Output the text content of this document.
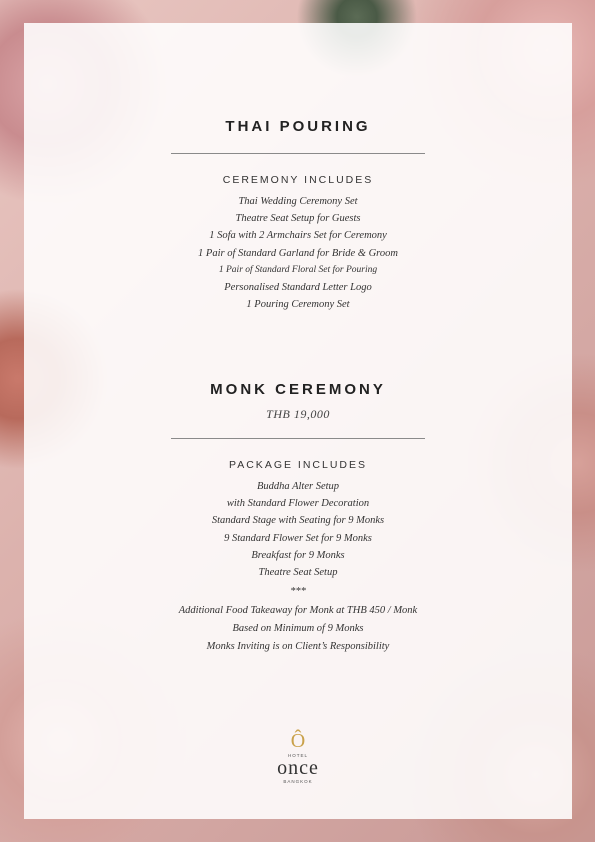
THAI POURING
CEREMONY INCLUDES
Thai Wedding Ceremony Set
Theatre Seat Setup for Guests
1 Sofa with 2 Armchairs Set for Ceremony
1 Pair of Standard Garland for Bride & Groom
1 Pair of Standard Floral Set for Pouring
Personalised Standard Letter Logo
1 Pouring Ceremony Set
MONK CEREMONY
THB 19,000
PACKAGE INCLUDES
Buddha Alter Setup
with Standard Flower Decoration
Standard Stage with Seating for 9 Monks
9 Standard Flower Set for 9 Monks
Breakfast for 9 Monks
Theatre Seat Setup
***
Additional Food Takeaway for Monk at THB 450 / Monk
Based on Minimum of 9 Monks
Monks Inviting is on Client’s Responsibility
Ô
HOTEL
once
BANGKOK
